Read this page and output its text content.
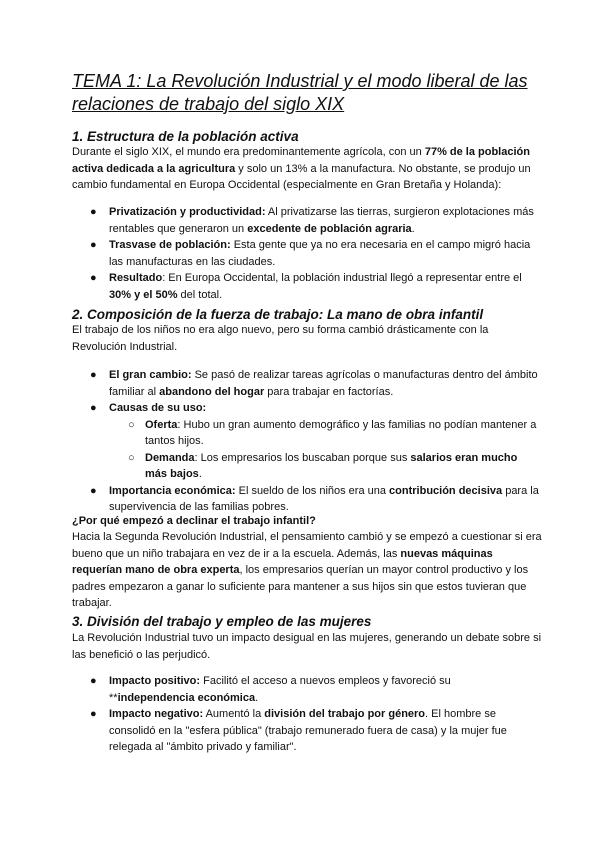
TEMA 1: La Revolución Industrial y el modo liberal de las relaciones de trabajo del siglo XIX
1. Estructura de la población activa

Durante el siglo XIX, el mundo era predominantemente agrícola, con un 77% de la población activa dedicada a la agricultura y solo un 13% a la manufactura. No obstante, se produjo un cambio fundamental en Europa Occidental (especialmente en Gran Bretaña y Holanda):

● Privatización y productividad: Al privatizarse las tierras, surgieron explotaciones más rentables que generaron un excedente de población agraria.
● Trasvase de población: Esta gente que ya no era necesaria en el campo migró hacia las manufacturas en las ciudades.
● Resultado: En Europa Occidental, la población industrial llegó a representar entre el 30% y el 50% del total.
2. Composición de la fuerza de trabajo: La mano de obra infantil

El trabajo de los niños no era algo nuevo, pero su forma cambió drásticamente con la Revolución Industrial.

● El gran cambio: Se pasó de realizar tareas agrícolas o manufacturas dentro del ámbito familiar al abandono del hogar para trabajar en factorías.
● Causas de su uso:
○ Oferta: Hubo un gran aumento demográfico y las familias no podían mantener a tantos hijos.
○ Demanda: Los empresarios los buscaban porque sus salarios eran mucho más bajos.
● Importancia económica: El sueldo de los niños era una contribución decisiva para la supervivencia de las familias pobres.

¿Por qué empezó a declinar el trabajo infantil?

Hacia la Segunda Revolución Industrial, el pensamiento cambió y se empezó a cuestionar si era bueno que un niño trabajara en vez de ir a la escuela. Además, las nuevas máquinas requerían mano de obra experta, los empresarios querían un mayor control productivo y los padres empezaron a ganar lo suficiente para mantener a sus hijos sin que estos tuvieran que trabajar.

3. División del trabajo y empleo de las mujeres

La Revolución Industrial tuvo un impacto desigual en las mujeres, generando un debate sobre si las benefició o las perjudicó.

● Impacto positivo: Facilitó el acceso a nuevos empleos y favoreció su **independencia económica.
● Impacto negativo: Aumentó la división del trabajo por género. El hombre se consolidó en la "esfera pública" (trabajo remunerado fuera de casa) y la mujer fue relegada al "ámbito privado y familiar".
